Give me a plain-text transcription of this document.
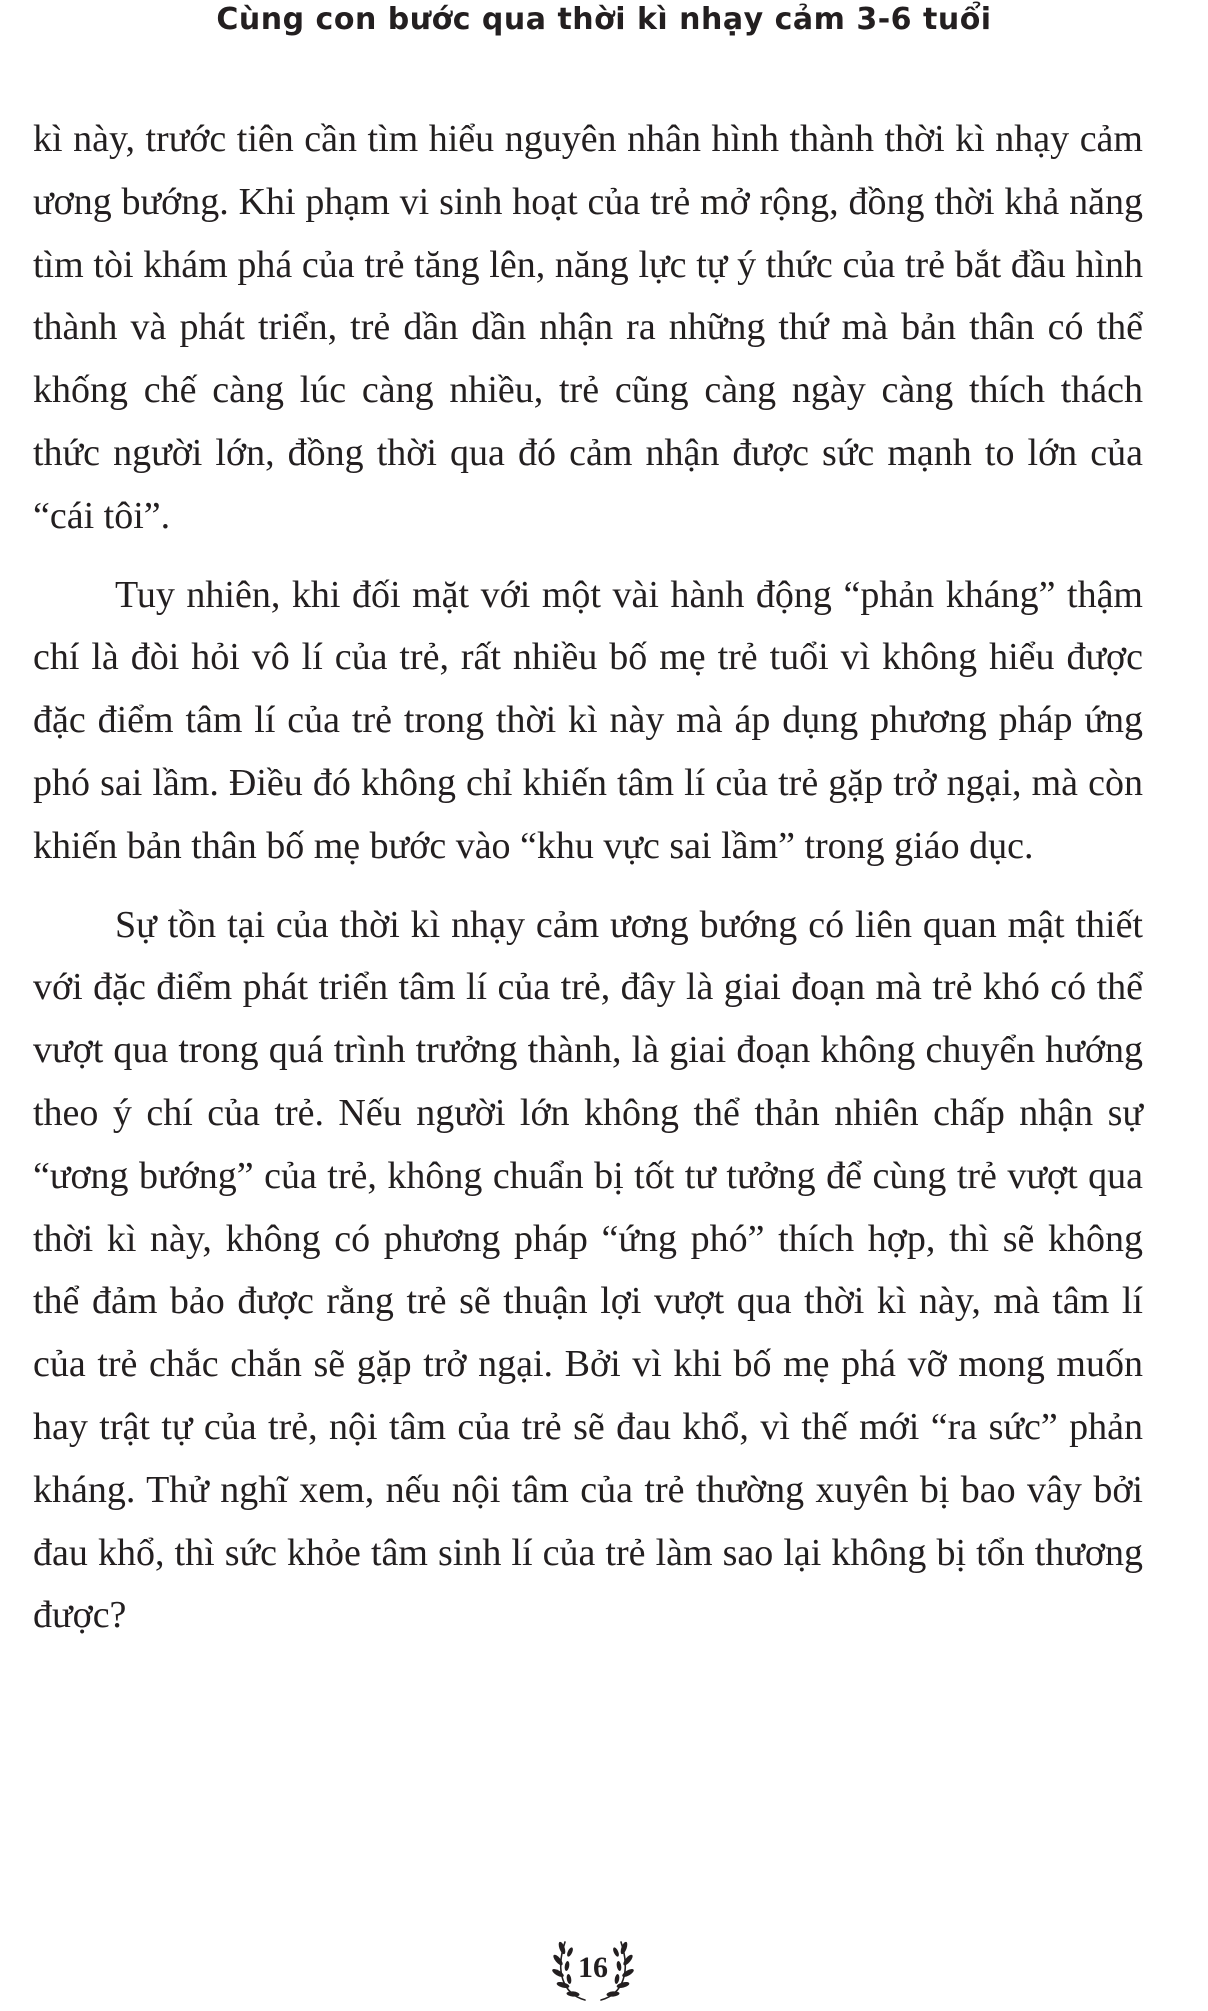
Cùng con bước qua thời kì nhạy cảm 3-6 tuổi

kì này, trước tiên cần tìm hiểu nguyên nhân hình thành thời kì nhạy cảm ương bướng. Khi phạm vi sinh hoạt của trẻ mở rộng, đồng thời khả năng tìm tòi khám phá của trẻ tăng lên, năng lực tự ý thức của trẻ bắt đầu hình thành và phát triển, trẻ dần dần nhận ra những thứ mà bản thân có thể khống chế càng lúc càng nhiều, trẻ cũng càng ngày càng thích thách thức người lớn, đồng thời qua đó cảm nhận được sức mạnh to lớn của “cái tôi”.

Tuy nhiên, khi đối mặt với một vài hành động “phản kháng” thậm chí là đòi hỏi vô lí của trẻ, rất nhiều bố mẹ trẻ tuổi vì không hiểu được đặc điểm tâm lí của trẻ trong thời kì này mà áp dụng phương pháp ứng phó sai lầm. Điều đó không chỉ khiến tâm lí của trẻ gặp trở ngại, mà còn khiến bản thân bố mẹ bước vào “khu vực sai lầm” trong giáo dục.

Sự tồn tại của thời kì nhạy cảm ương bướng có liên quan mật thiết với đặc điểm phát triển tâm lí của trẻ, đây là giai đoạn mà trẻ khó có thể vượt qua trong quá trình trưởng thành, là giai đoạn không chuyển hướng theo ý chí của trẻ. Nếu người lớn không thể thản nhiên chấp nhận sự “ương bướng” của trẻ, không chuẩn bị tốt tư tưởng để cùng trẻ vượt qua thời kì này, không có phương pháp “ứng phó” thích hợp, thì sẽ không thể đảm bảo được rằng trẻ sẽ thuận lợi vượt qua thời kì này, mà tâm lí của trẻ chắc chắn sẽ gặp trở ngại. Bởi vì khi bố mẹ phá vỡ mong muốn hay trật tự của trẻ, nội tâm của trẻ sẽ đau khổ, vì thế mới “ra sức” phản kháng. Thử nghĩ xem, nếu nội tâm của trẻ thường xuyên bị bao vây bởi đau khổ, thì sức khỏe tâm sinh lí của trẻ làm sao lại không bị tổn thương được?

16
